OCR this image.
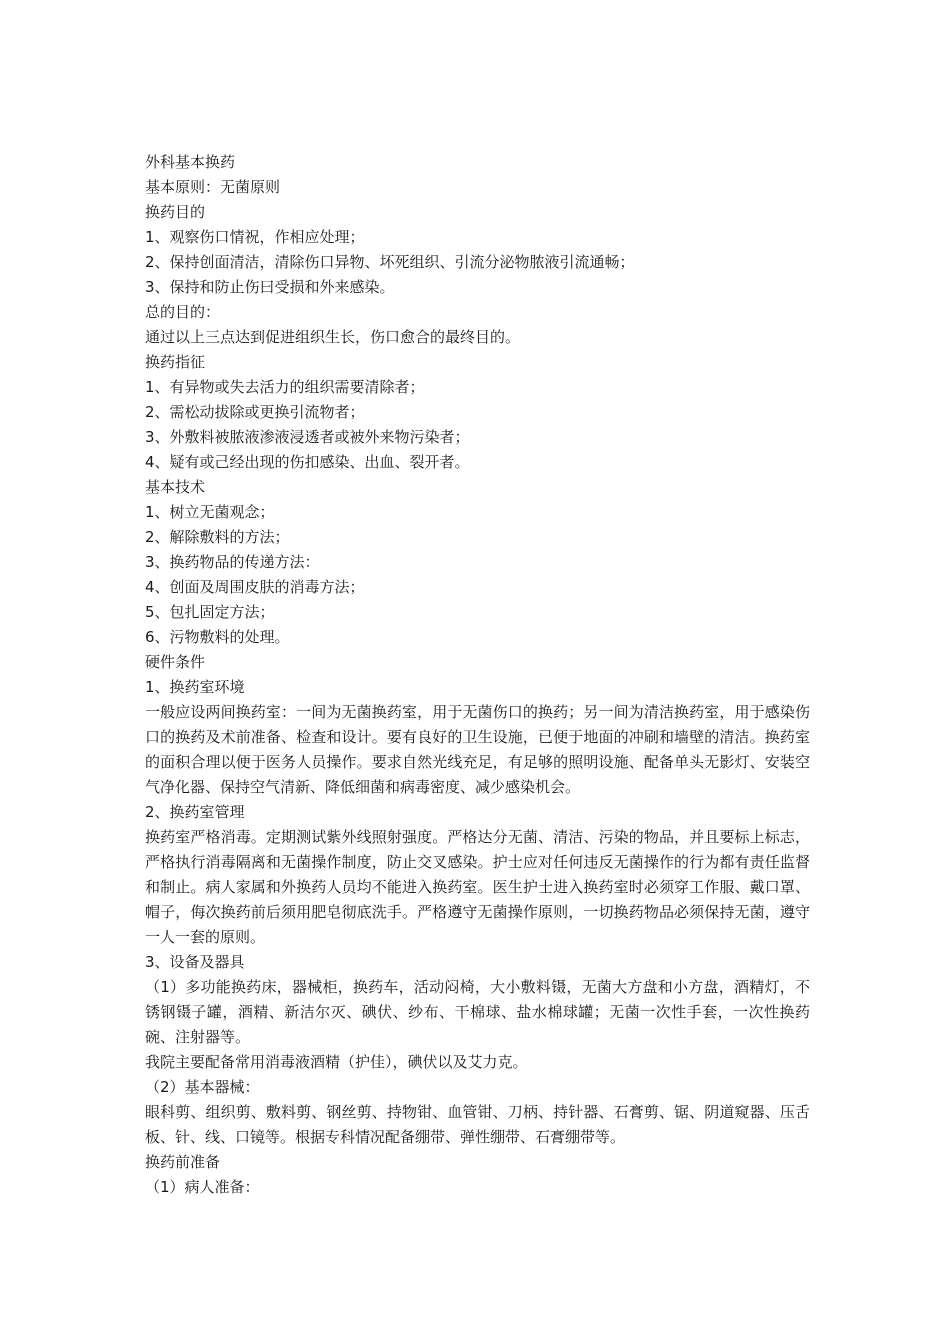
外科基本换药
基本原则：无菌原则
换药目的
1、观察伤口情祝，作相应处理；
2、保持创面清洁，清除伤口异物、坏死组织、引流分泌物脓液引流通畅；
3、保持和防止伤曰受损和外来感染。
总的目的：
通过以上三点达到促进组织生长，伤口愈合的最终目的。
换药指征
1、有异物或失去活力的组织需要清除者；
2、需松动拔除或更换引流物者；
3、外敷料被脓液渗液浸透者或被外来物污染者；
4、疑有或己经出现的伤扣感染、出血、裂开者。
基本技术
1、树立无菌观念；
2、解除敷料的方法；
3、换药物品的传递方法：
4、创面及周围皮肤的消毒方法；
5、包扎固定方法；
6、污物敷料的处理。
硬件条件
1、换药室环境
一般应设两间换药室：一间为无菌换药室，用于无菌伤口的换药；另一间为清洁换药室，用于感染伤口的换药及术前准备、检查和设计。要有良好的卫生设施，已便于地面的冲刷和墙壁的清洁。换药室的面积合理以便于医务人员操作。要求自然光线充足，有足够的照明设施、配备单头无影灯、安装空气净化器、保持空气清新、降低细菌和病毒密度、减少感染机会。
2、换药室管理
换药室严格消毒。定期测试紫外线照射强度。严格达分无菌、清洁、污染的物品，并且要标上标志，严格执行消毒隔离和无菌操作制度，防止交叉感染。护士应对任何违反无菌操作的行为都有责任监督和制止。病人家属和外换药人员均不能进入换药室。医生护士进入换药室时必须穿工作服、戴口罩、帽子，侮次换药前后须用肥皂彻底洗手。严格遵守无菌操作原则，一切换药物品必须保持无菌，遵守一人一套的原则。
3、设备及器具
（1）多功能换药床，器械柜，换药车，活动闷椅，大小敷料镊，无菌大方盘和小方盘，酒精灯，不锈钢镊子罐，酒精、新洁尔灭、碘伏、纱布、干棉球、盐水棉球罐；无菌一次性手套，一次性换药碗、注射器等。
我院主要配备常用消毒液酒精（护佳），碘伏以及艾力克。
（2）基本器械：
眼科剪、组织剪、敷料剪、钢丝剪、持物钳、血管钳、刀柄、持针器、石膏剪、锯、阴道窥器、压舌板、针、线、口镜等。根据专科情况配备绷带、弹性绷带、石膏绷带等。
换药前准备
（1）病人准备：
